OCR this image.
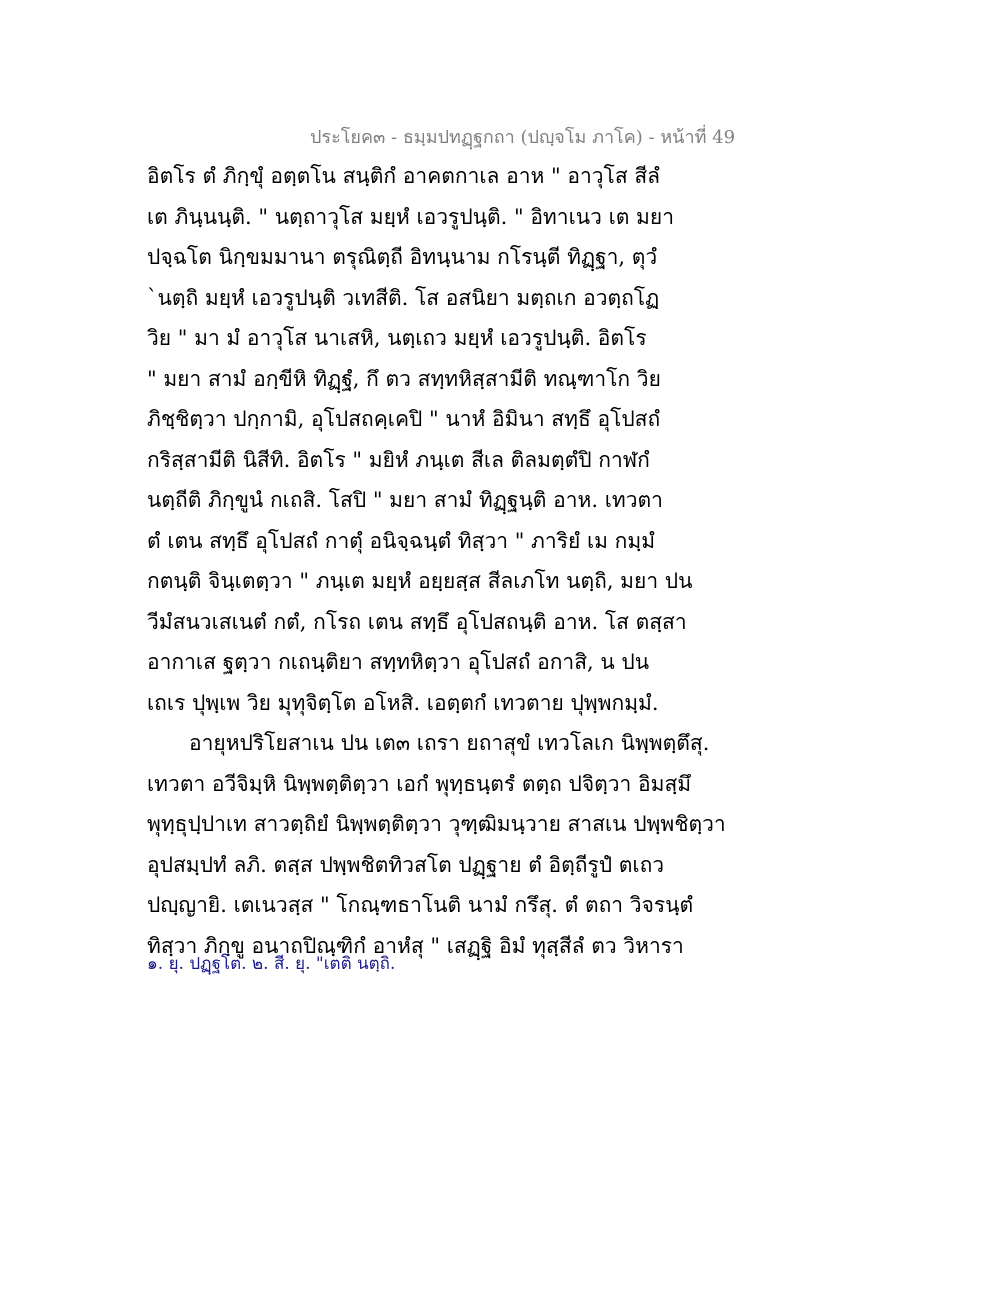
ประโยค๓ - ธมฺมปทฏฺฐกถา (ปญฺจโม ภาโค) - หน้าที่ 49
อิตโร ตํ ภิกฺขุํ อตฺตโน สนฺติกํ อาคตกาเล อาห " อาวุโส สีลํ
เต ภินฺนนฺติ. " นตฺถาวุโส มยฺหํ เอวรูปนฺติ. " อิทาเนว เต มยา
ปจฺฉโต นิกฺขมมานา ตรุณิตฺถี อิทนฺนาม กโรนฺตี ทิฏฺฐา, ตุวํ
`นตฺถิ มยฺหํ เอวรูปนฺติ วเทสีติ. โส อสนิยา มตฺถเก อวตฺถโฏ
วิย " มา มํ อาวุโส นาเสหิ, นตฺเถว มยฺหํ เอวรูปนฺติ. อิตโร
" มยา สามํ อกฺขีหิ ทิฏฺฐํ, กึ ตว สทฺทหิสฺสามีติ ทณฺฑาโก วิย
ภิชฺชิตฺวา ปกฺกามิ, อุโปสถคฺเคปิ " นาหํ อิมินา สทฺธึ อุโปสถํ
กริสฺสามีติ นิสีทิ. อิตโร " มยิหํ ภนฺเต สีเล ติลมตฺตํปิ กาฬกํ
นตฺถีติ ภิกฺขูนํ กเถสิ. โสปิ " มยา สามํ ทิฏฺฐนฺติ อาห. เทวตา
ตํ เตน สทฺธึ อุโปสถํ กาตุํ อนิจฺฉนฺตํ ทิสฺวา " ภาริยํ เม กมฺมํ
กตนฺติ จินฺเตตฺวา " ภนฺเต มยฺหํ อยฺยสฺส สีลเภโท นตฺถิ, มยา ปน
วีมํสนวเสเนตํ กตํ, กโรถ เตน สทฺธึ อุโปสถนฺติ อาห. โส ตสฺสา
อากาเส ฐตฺวา กเถนฺติยา สทฺทหิตฺวา อุโปสถํ อกาสิ, น ปน
เถเร ปุพฺเพ วิย มุทุจิตฺโต อโหสิ. เอตฺตกํ เทวตาย ปุพฺพกมฺมํ.
อายุหปริโยสาเน ปน เต๓ เถรา ยถาสุขํ เทวโลเก นิพฺพตฺตึสุ.
เทวตา อวีจิมฺหิ นิพฺพตฺติตฺวา เอกํ พุทฺธนฺตรํ ตตฺถ ปจิตฺวา อิมสฺมึ
พุทฺธุปฺปาเท สาวตฺถิยํ นิพฺพตฺติตฺวา วุฑฺฒิมนฺวาย สาสเน ปพฺพชิตฺวา
อุปสมฺปทํ ลภิ. ตสฺส ปพฺพชิตทิวสโต ปฏฺฐาย ตํ อิตฺถีรูปํ ตเถว
ปญฺญายิ. เตเนวสฺส " โกณฺฑธาโนติ นามํ กรึสุ. ตํ ตถา วิจรนฺตํ
ทิสฺวา ภิกฺขู อนาถปิณฺฑิกํ อาหํสุ " เสฏฺฐิ อิมํ ทุสฺสีลํ ตว วิหารา
๑. ยุ. ปฏฺฐโต. ๒. สี. ยุ. "เตติ นตฺถิ.
